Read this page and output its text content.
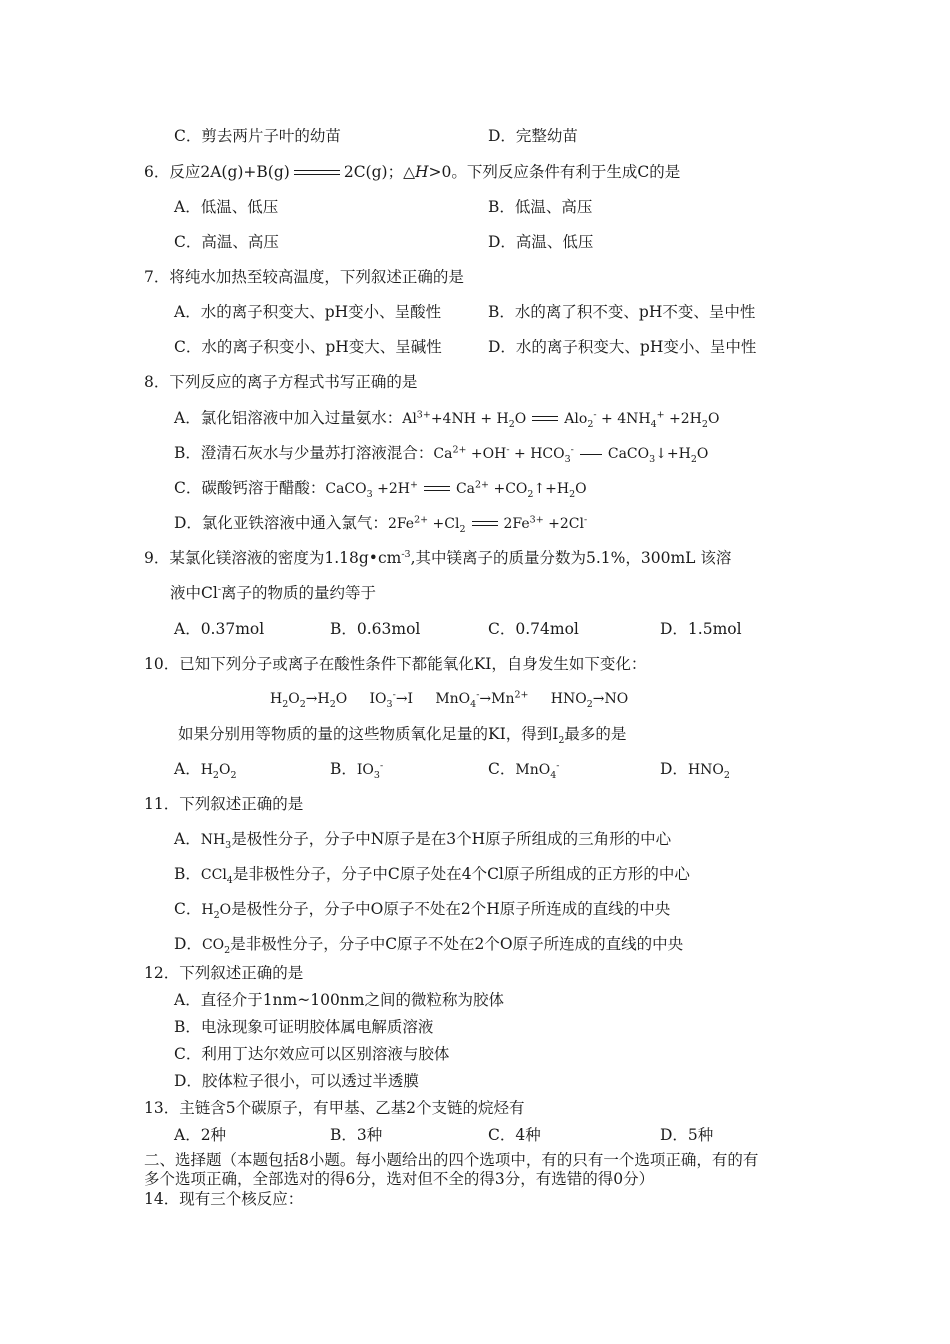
C．剪去两片子叶的幼苗	D．完整幼苗
6．反应2A(g)+B(g)	2C(g)；△H>0。下列反应条件有利于生成C的是
A．低温、低压	B．低温、高压
C．高温、高压	D．高温、低压
7．将纯水加热至较高温度，下列叙述正确的是
A．水的离子积变大、pH变小、呈酸性	B．水的离了积不变、pH不变、呈中性
C．水的离子积变小、pH变大、呈碱性	D．水的离子积变大、pH变小、呈中性
8．下列反应的离子方程式书写正确的是
A．氯化铝溶液中加入过量氨水：$Al^{3+}+4NH + H_2O$	$Alo_2^- + 4NH_4^+ +2H_2O$
B．澄清石灰水与少量苏打溶液混合：$Ca^{2+} +OH^- + HCO_3^-$ $CaCO_3↓+H_2O$
C．碳酸钙溶于醋酸：CaCO$_3$ +2H+	$Ca^{2+}$ $+CO_2↑+H_2O$
D．氯化亚铁溶液中通入氯气：$2Fe^{2+} +Cl_2$	$2Fe^{3+} +2Cl^-$
9．某氯化镁溶液的密度为$1.18g•cm^{-3}$,其中镁离子的质量分数为5.1%，300mL 该溶
液中Cl-离子的物质的量约等于
A．0.37mol	B．0.63mol	C．0.74mol	D．1.5mol
10．已知下列分子或离子在酸性条件下都能氧化KI，自身发生如下变化：
$H_2O_2\to H_2O$     $IO_3^-\to I$     $MnO_4^-\to Mn^{2+}$     $HNO_2\to NO$
如果分别用等物质的量的这些物质氧化足量的KI，得到$I_2$最多的是
A．$H_2O_2$	B．$IO_3^-$	C．MnO$_4$-	D．$HNO_2$
11．下列叙述正确的是
A．$NH_3$是极性分子，分子中N原子是在3个H原子所组成的三角形的中心
B．CCl$_4$是非极性分子，分子中C原子处在4个Cl原子所组成的正方形的中心
C．$H_2O$是极性分子，分子中O原子不处在2个H原子所连成的直线的中央
D．$CO_2$是非极性分子，分子中C原子不处在2个O原子所连成的直线的中央
12．下列叙述正确的是
A．直径介于1nm~100nm之间的微粒称为胶体
B．电泳现象可证明胶体属电解质溶液
C．利用丁达尔效应可以区别溶液与胶体
D．胶体粒子很小，可以透过半透膜
13．主链含5个碳原子，有甲基、乙基2个支链的烷烃有
A．2种	B．3种	C．4种	D．5种
二、选择题（本题包括8小题。每小题给出的四个选项中，有的只有一个选项正确，有的有
多个选项正确，全部选对的得6分，选对但不全的得3分，有选错的得0分）
14．现有三个核反应：
